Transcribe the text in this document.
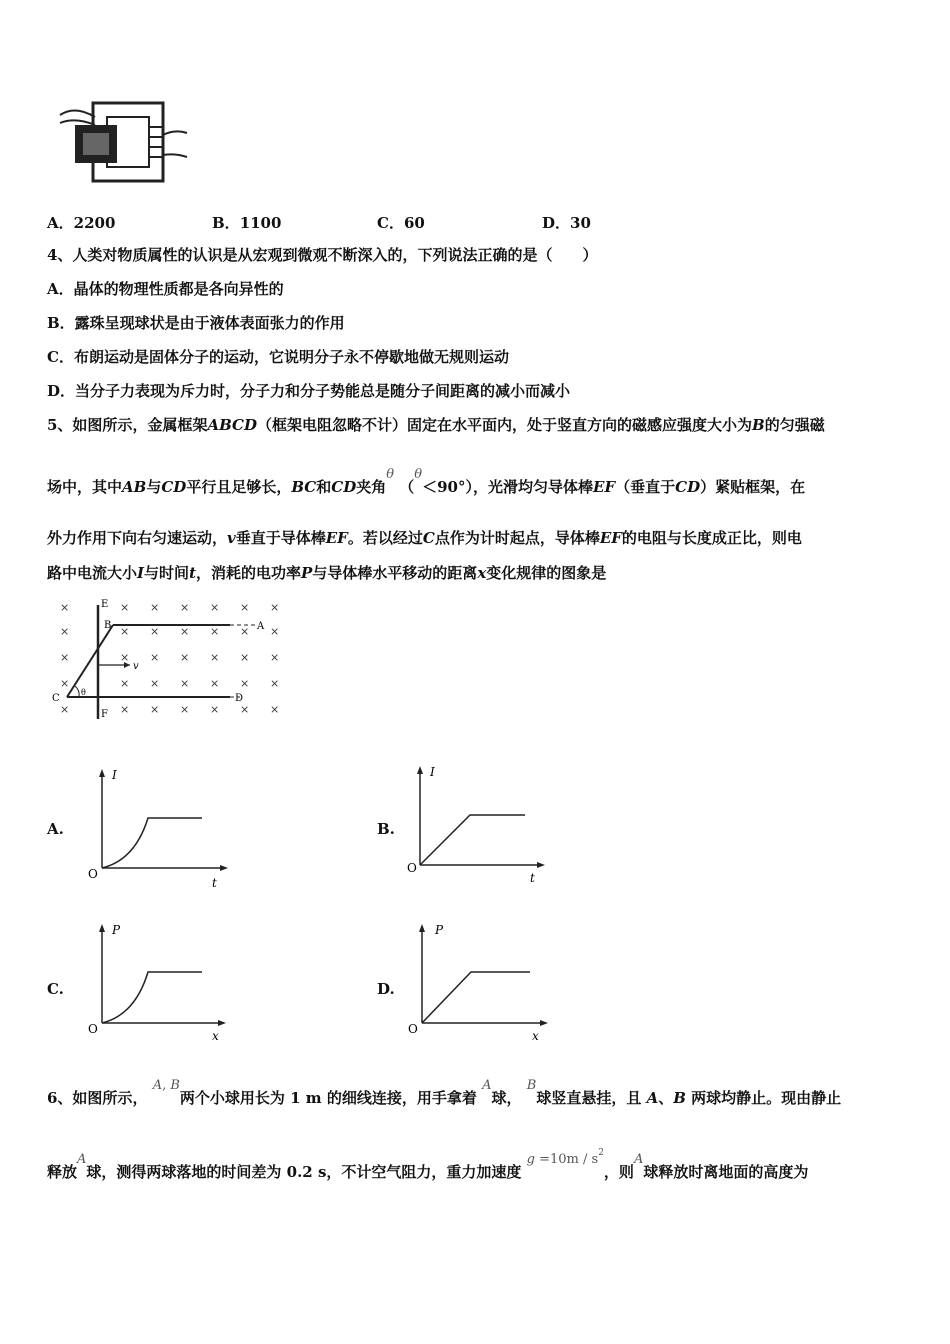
A．2200	B．1100	C．60	D．30
4、人类对物质属性的认识是从宏观到微观不断深入的，下列说法正确的是（　　）
A．晶体的物理性质都是各向异性的
B．露珠呈现球状是由于液体表面张力的作用
C．布朗运动是固体分子的运动，它说明分子永不停歇地做无规则运动
D．当分子力表现为斥力时，分子力和分子势能总是随分子间距离的减小而减小
5、如图所示，金属框架ABCD（框架电阻忽略不计）固定在水平面内，处于竖直方向的磁感应强度大小为B的匀强磁
场中，其中AB与CD平行且足够长，BC和CD夹角θ （θ＜90°），光滑均匀导体棒EF（垂直于CD）紧贴框架，在
外力作用下向右匀速运动，v垂直于导体棒EF。若以经过C点作为计时起点，导体棒EF的电阻与长度成正比，则电
路中电流大小I与时间t，消耗的电功率P与导体棒水平移动的距离x变化规律的图象是
×	× × × × × ×
×	× × × × × ×
×	× × × × × ×
×	× × × × × ×
×	× × × × × ×
E
B	A
C	D
F
v
θ
A.
I
t
O
B.
I
t
O
C.
P
x
O
D.
P
x
O
6、如图所示， A, B两个小球用长为 1 m 的细线连接，用手拿着 A球， B球竖直悬挂，且 A、B 两球均静止。现由静止
释放A球，测得两球落地的时间差为 0.2 s，不计空气阻力，重力加速度 $g =10m / s^2$，则A球释放时离地面的高度为
